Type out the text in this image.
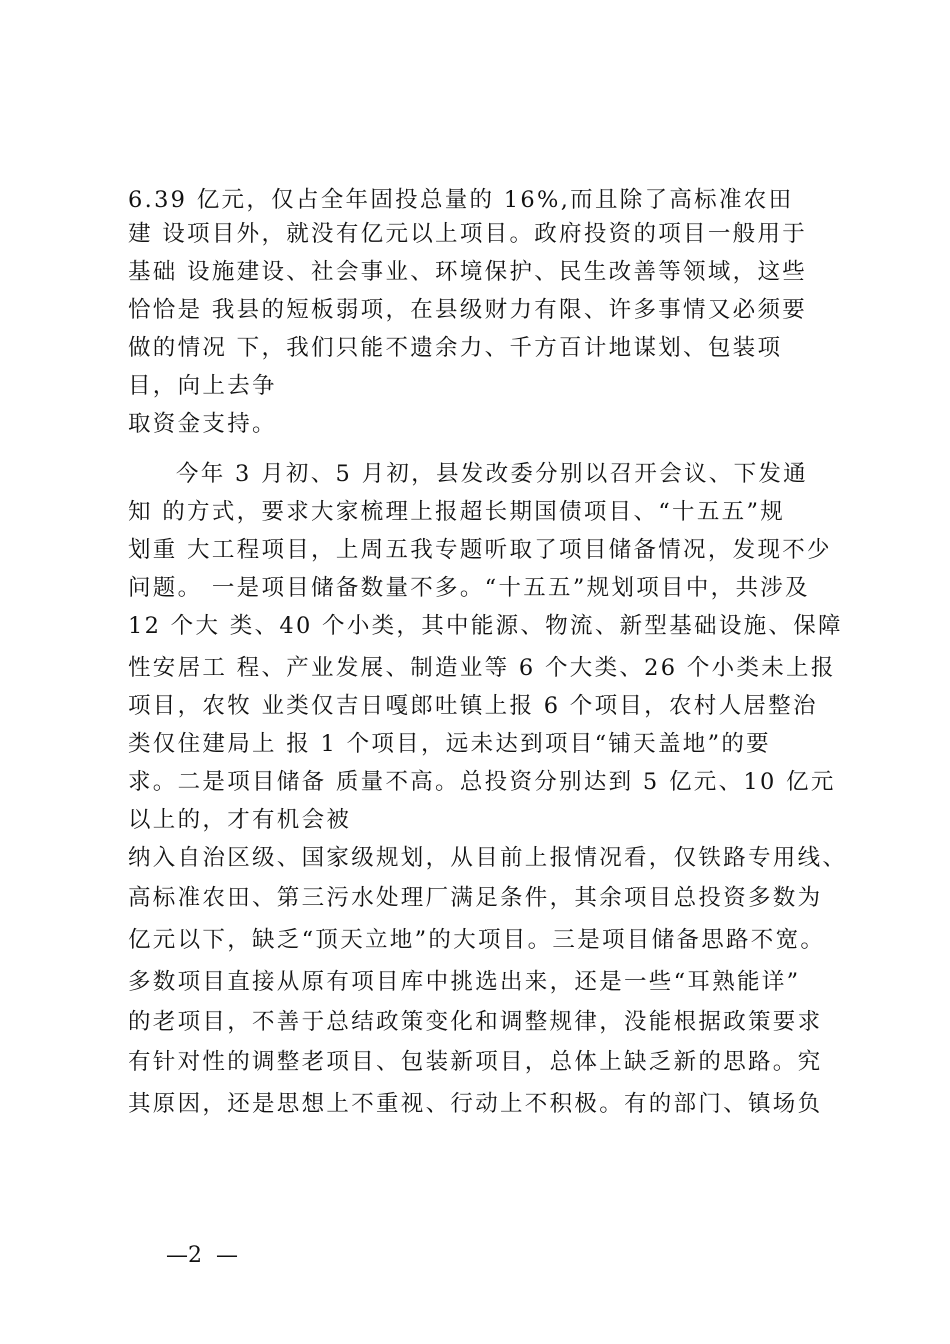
6.39 亿元，仅占全年固投总量的 16%,而且除了高标准农田
建 设项目外，就没有亿元以上项目。政府投资的项目一般用于
基础 设施建设、社会事业、环境保护、民生改善等领域，这些
恰恰是 我县的短板弱项，在县级财力有限、许多事情又必须要
做的情况 下，我们只能不遗余力、千方百计地谋划、包装项
目，向上去争
取资金支持。
今年 3 月初、5 月初，县发改委分别以召开会议、下发通
知 的方式，要求大家梳理上报超长期国债项目、“十五五”规
划重 大工程项目，上周五我专题听取了项目储备情况，发现不少
问题。 一是项目储备数量不多。“十五五”规划项目中，共涉及
12 个大 类、40 个小类，其中能源、物流、新型基础设施、保障
性安居工 程、产业发展、制造业等 6 个大类、26 个小类未上报
项目，农牧 业类仅吉日嘎郎吐镇上报 6 个项目，农村人居整治
类仅住建局上 报 1 个项目，远未达到项目“铺天盖地”的要
求。二是项目储备 质量不高。总投资分别达到 5 亿元、10 亿元
以上的，才有机会被
纳入自治区级、国家级规划，从目前上报情况看，仅铁路专用线、
高标准农田、第三污水处理厂满足条件，其余项目总投资多数为
亿元以下，缺乏“顶天立地”的大项目。三是项目储备思路不宽。
多数项目直接从原有项目库中挑选出来，还是一些“耳熟能详”
的老项目，不善于总结政策变化和调整规律，没能根据政策要求
有针对性的调整老项目、包装新项目，总体上缺乏新的思路。究
其原因，还是思想上不重视、行动上不积极。有的部门、镇场负
—2  —
